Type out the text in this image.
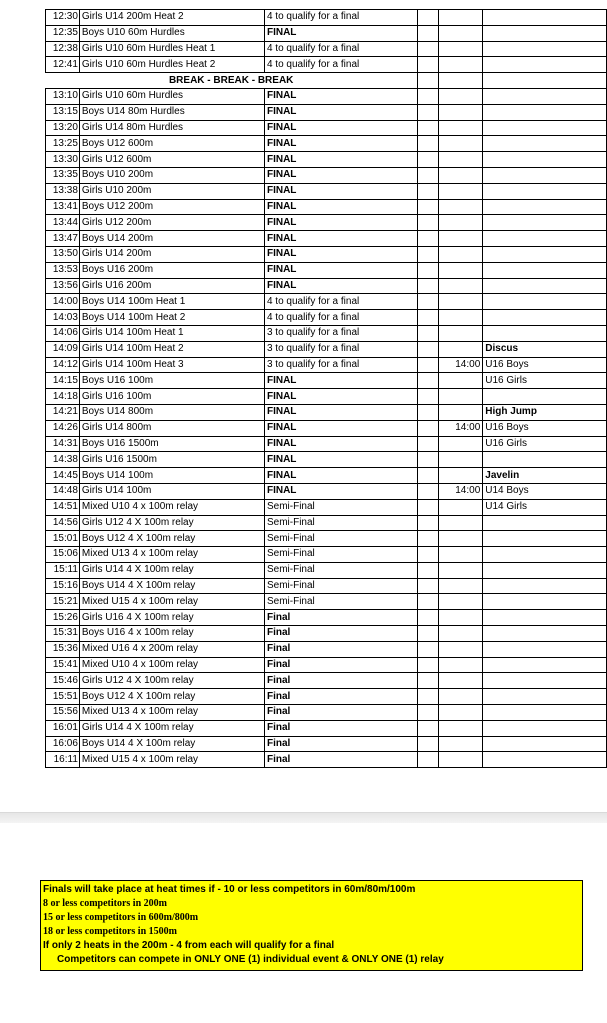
12:30	Girls U14 200m Heat 2	4 to qualify for a final			
12:35	Boys U10 60m Hurdles	FINAL			
12:38	Girls U10 60m Hurdles Heat 1	4 to qualify for a final			
12:41	Girls U10 60m Hurdles Heat 2	4 to qualify for a final			
BREAK - BREAK - BREAK					
13:10	Girls U10 60m Hurdles	FINAL			
13:15	Boys U14 80m Hurdles	FINAL			
13:20	Girls U14 80m Hurdles	FINAL			
13:25	Boys U12 600m	FINAL			
13:30	Girls U12 600m	FINAL			
13:35	Boys U10 200m	FINAL			
13:38	Girls U10 200m	FINAL			
13:41	Boys U12 200m	FINAL			
13:44	Girls U12 200m	FINAL			
13:47	Boys U14 200m	FINAL			
13:50	Girls U14 200m	FINAL			
13:53	Boys U16 200m	FINAL			
13:56	Girls U16 200m	FINAL			
14:00	Boys U14 100m Heat 1	4 to qualify for a final			
14:03	Boys U14 100m Heat 2	4 to qualify for a final			
14:06	Girls U14 100m Heat 1	3 to qualify for a final			
14:09	Girls U14 100m Heat 2	3 to qualify for a final			Discus
14:12	Girls U14 100m Heat 3	3 to qualify for a final		14:00	U16 Boys
14:15	Boys U16 100m	FINAL			U16 Girls
14:18	Girls U16 100m	FINAL			
14:21	Boys U14 800m	FINAL			High Jump
14:26	Girls U14 800m	FINAL		14:00	U16 Boys
14:31	Boys U16 1500m	FINAL			U16 Girls
14:38	Girls U16 1500m	FINAL			
14:45	Boys U14 100m	FINAL			Javelin
14:48	Girls U14 100m	FINAL		14:00	U14 Boys
14:51	Mixed U10 4 x 100m relay	Semi-Final			U14 Girls
14:56	Girls U12 4 X 100m relay	Semi-Final			
15:01	Boys U12 4 X 100m relay	Semi-Final			
15:06	Mixed U13 4 x 100m relay	Semi-Final			
15:11	Girls U14 4 X 100m relay	Semi-Final			
15:16	Boys U14 4 X 100m relay	Semi-Final			
15:21	Mixed U15 4 x 100m relay	Semi-Final			
15:26	Girls U16 4 X 100m relay	Final			
15:31	Boys U16 4 x 100m relay	Final			
15:36	Mixed U16 4 x 200m relay	Final			
15:41	Mixed U10 4 x 100m relay	Final			
15:46	Girls U12 4 X 100m relay	Final			
15:51	Boys U12 4 X 100m relay	Final			
15:56	Mixed U13 4 x 100m relay	Final			
16:01	Girls U14 4 X 100m relay	Final			
16:06	Boys U14 4 X 100m relay	Final			
16:11	Mixed U15 4 x 100m relay	Final			
Finals will take place at heat times if - 10 or less competitors in 60m/80m/100m
8 or less competitors in 200m
15 or less competitors in 600m/800m
18 or less competitors in 1500m
If only 2 heats in the 200m - 4 from each will qualify for a final
Competitors can compete in ONLY ONE (1) individual event & ONLY ONE (1) relay
